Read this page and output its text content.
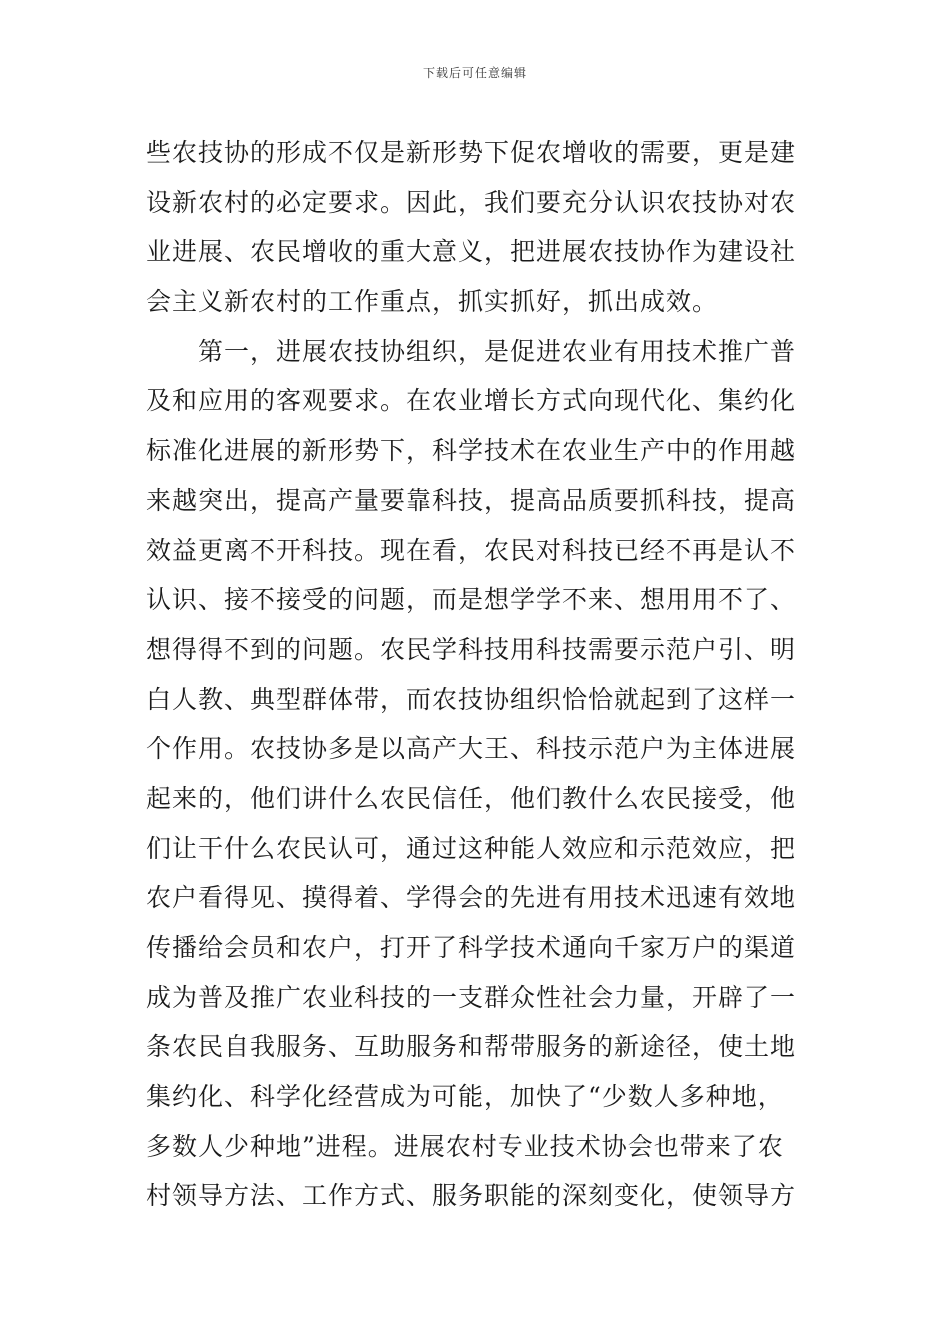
下载后可任意编辑
些农技协的形成不仅是新形势下促农增收的需要，更是建
设新农村的必定要求。因此，我们要充分认识农技协对农
业进展、农民增收的重大意义，把进展农技协作为建设社
会主义新农村的工作重点，抓实抓好，抓出成效。
　　第一，进展农技协组织，是促进农业有用技术推广普
及和应用的客观要求。在农业增长方式向现代化、集约化
标准化进展的新形势下，科学技术在农业生产中的作用越
来越突出，提高产量要靠科技，提高品质要抓科技，提高
效益更离不开科技。现在看，农民对科技已经不再是认不
认识、接不接受的问题，而是想学学不来、想用用不了、
想得得不到的问题。农民学科技用科技需要示范户引、明
白人教、典型群体带，而农技协组织恰恰就起到了这样一
个作用。农技协多是以高产大王、科技示范户为主体进展
起来的，他们讲什么农民信任，他们教什么农民接受，他
们让干什么农民认可，通过这种能人效应和示范效应，把
农户看得见、摸得着、学得会的先进有用技术迅速有效地
传播给会员和农户，打开了科学技术通向千家万户的渠道
成为普及推广农业科技的一支群众性社会力量，开辟了一
条农民自我服务、互助服务和帮带服务的新途径，使土地
集约化、科学化经营成为可能，加快了“少数人多种地，
多数人少种地”进程。进展农村专业技术协会也带来了农
村领导方法、工作方式、服务职能的深刻变化，使领导方
